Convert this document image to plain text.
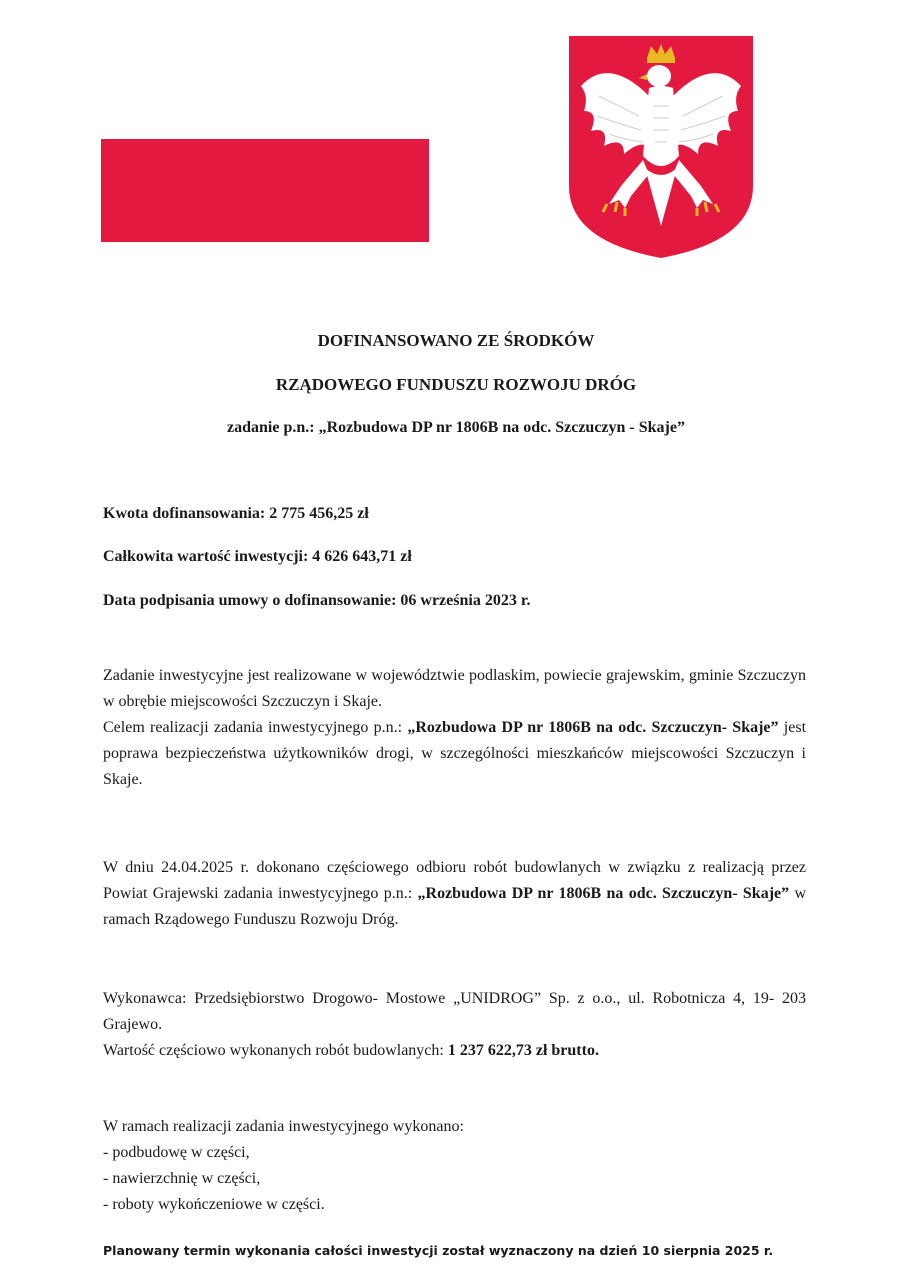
DOFINANSOWANO ZE ŚRODKÓW
RZĄDOWEGO FUNDUSZU ROZWOJU DRÓG
zadanie p.n.: „Rozbudowa DP nr 1806B na odc. Szczuczyn - Skaje”
Kwota dofinansowania: 2 775 456,25 zł
Całkowita wartość inwestycji: 4 626 643,71 zł
Data podpisania umowy o dofinansowanie: 06 września 2023 r.
Zadanie inwestycyjne jest realizowane w województwie podlaskim, powiecie grajewskim, gminie Szczuczyn w obrębie miejscowości Szczuczyn i Skaje.
Celem realizacji zadania inwestycyjnego p.n.: „Rozbudowa DP nr 1806B na odc. Szczuczyn- Skaje” jest poprawa bezpieczeństwa użytkowników drogi, w szczególności mieszkańców miejscowości Szczuczyn i Skaje.
W dniu 24.04.2025 r. dokonano częściowego odbioru robót budowlanych w związku z realizacją przez Powiat Grajewski zadania inwestycyjnego p.n.: „Rozbudowa DP nr 1806B na odc. Szczuczyn- Skaje” w ramach Rządowego Funduszu Rozwoju Dróg.
Wykonawca: Przedsiębiorstwo Drogowo- Mostowe „UNIDROG” Sp. z o.o., ul. Robotnicza 4, 19- 203 Grajewo.
Wartość częściowo wykonanych robót budowlanych: 1 237 622,73 zł brutto.
W ramach realizacji zadania inwestycyjnego wykonano:
- podbudowę w części,
- nawierzchnię w części,
- roboty wykończeniowe w części.
Planowany termin wykonania całości inwestycji został wyznaczony na dzień 10 sierpnia 2025 r.
